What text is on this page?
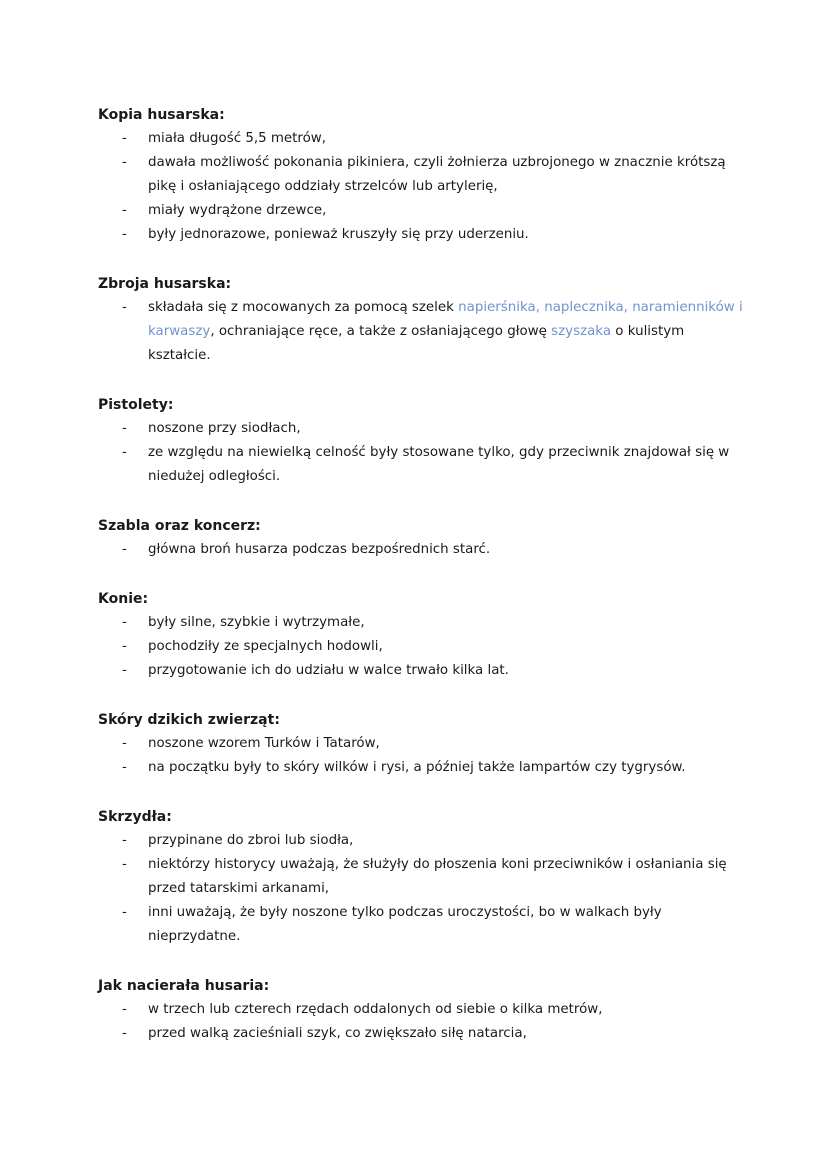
Kopia husarska:
- miała długość 5,5 metrów,
- dawała możliwość pokonania pikiniera, czyli żołnierza uzbrojonego w znacznie krótszą pikę i osłaniającego oddziały strzelców lub artylerię,
- miały wydrążone drzewce,
- były jednorazowe, ponieważ kruszyły się przy uderzeniu.
Zbroja husarska:
- składała się z mocowanych za pomocą szelek napierśnika, naplecznika, naramienników i karwaszy, ochraniające ręce, a także z osłaniającego głowę szyszaka o kulistym kształcie.
Pistolety:
- noszone przy siodłach,
- ze względu na niewielką celność były stosowane tylko, gdy przeciwnik znajdował się w niedużej odległości.
Szabla oraz koncerz:
- główna broń husarza podczas bezpośrednich starć.
Konie:
- były silne, szybkie i wytrzymałe,
- pochodziły ze specjalnych hodowli,
- przygotowanie ich do udziału w walce trwało kilka lat.
Skóry dzikich zwierząt:
- noszone wzorem Turków i Tatarów,
- na początku były to skóry wilków i rysi, a później także lampartów czy tygrysów.
Skrzydła:
- przypinane do zbroi lub siodła,
- niektórzy historycy uważają, że służyły do płoszenia koni przeciwników i osłaniania się przed tatarskimi arkanami,
- inni uważają, że były noszone tylko podczas uroczystości, bo w walkach były nieprzydatne.
Jak nacierała husaria:
- w trzech lub czterech rzędach oddalonych od siebie o kilka metrów,
- przed walką zacieśniali szyk, co zwiększało siłę natarcia,
